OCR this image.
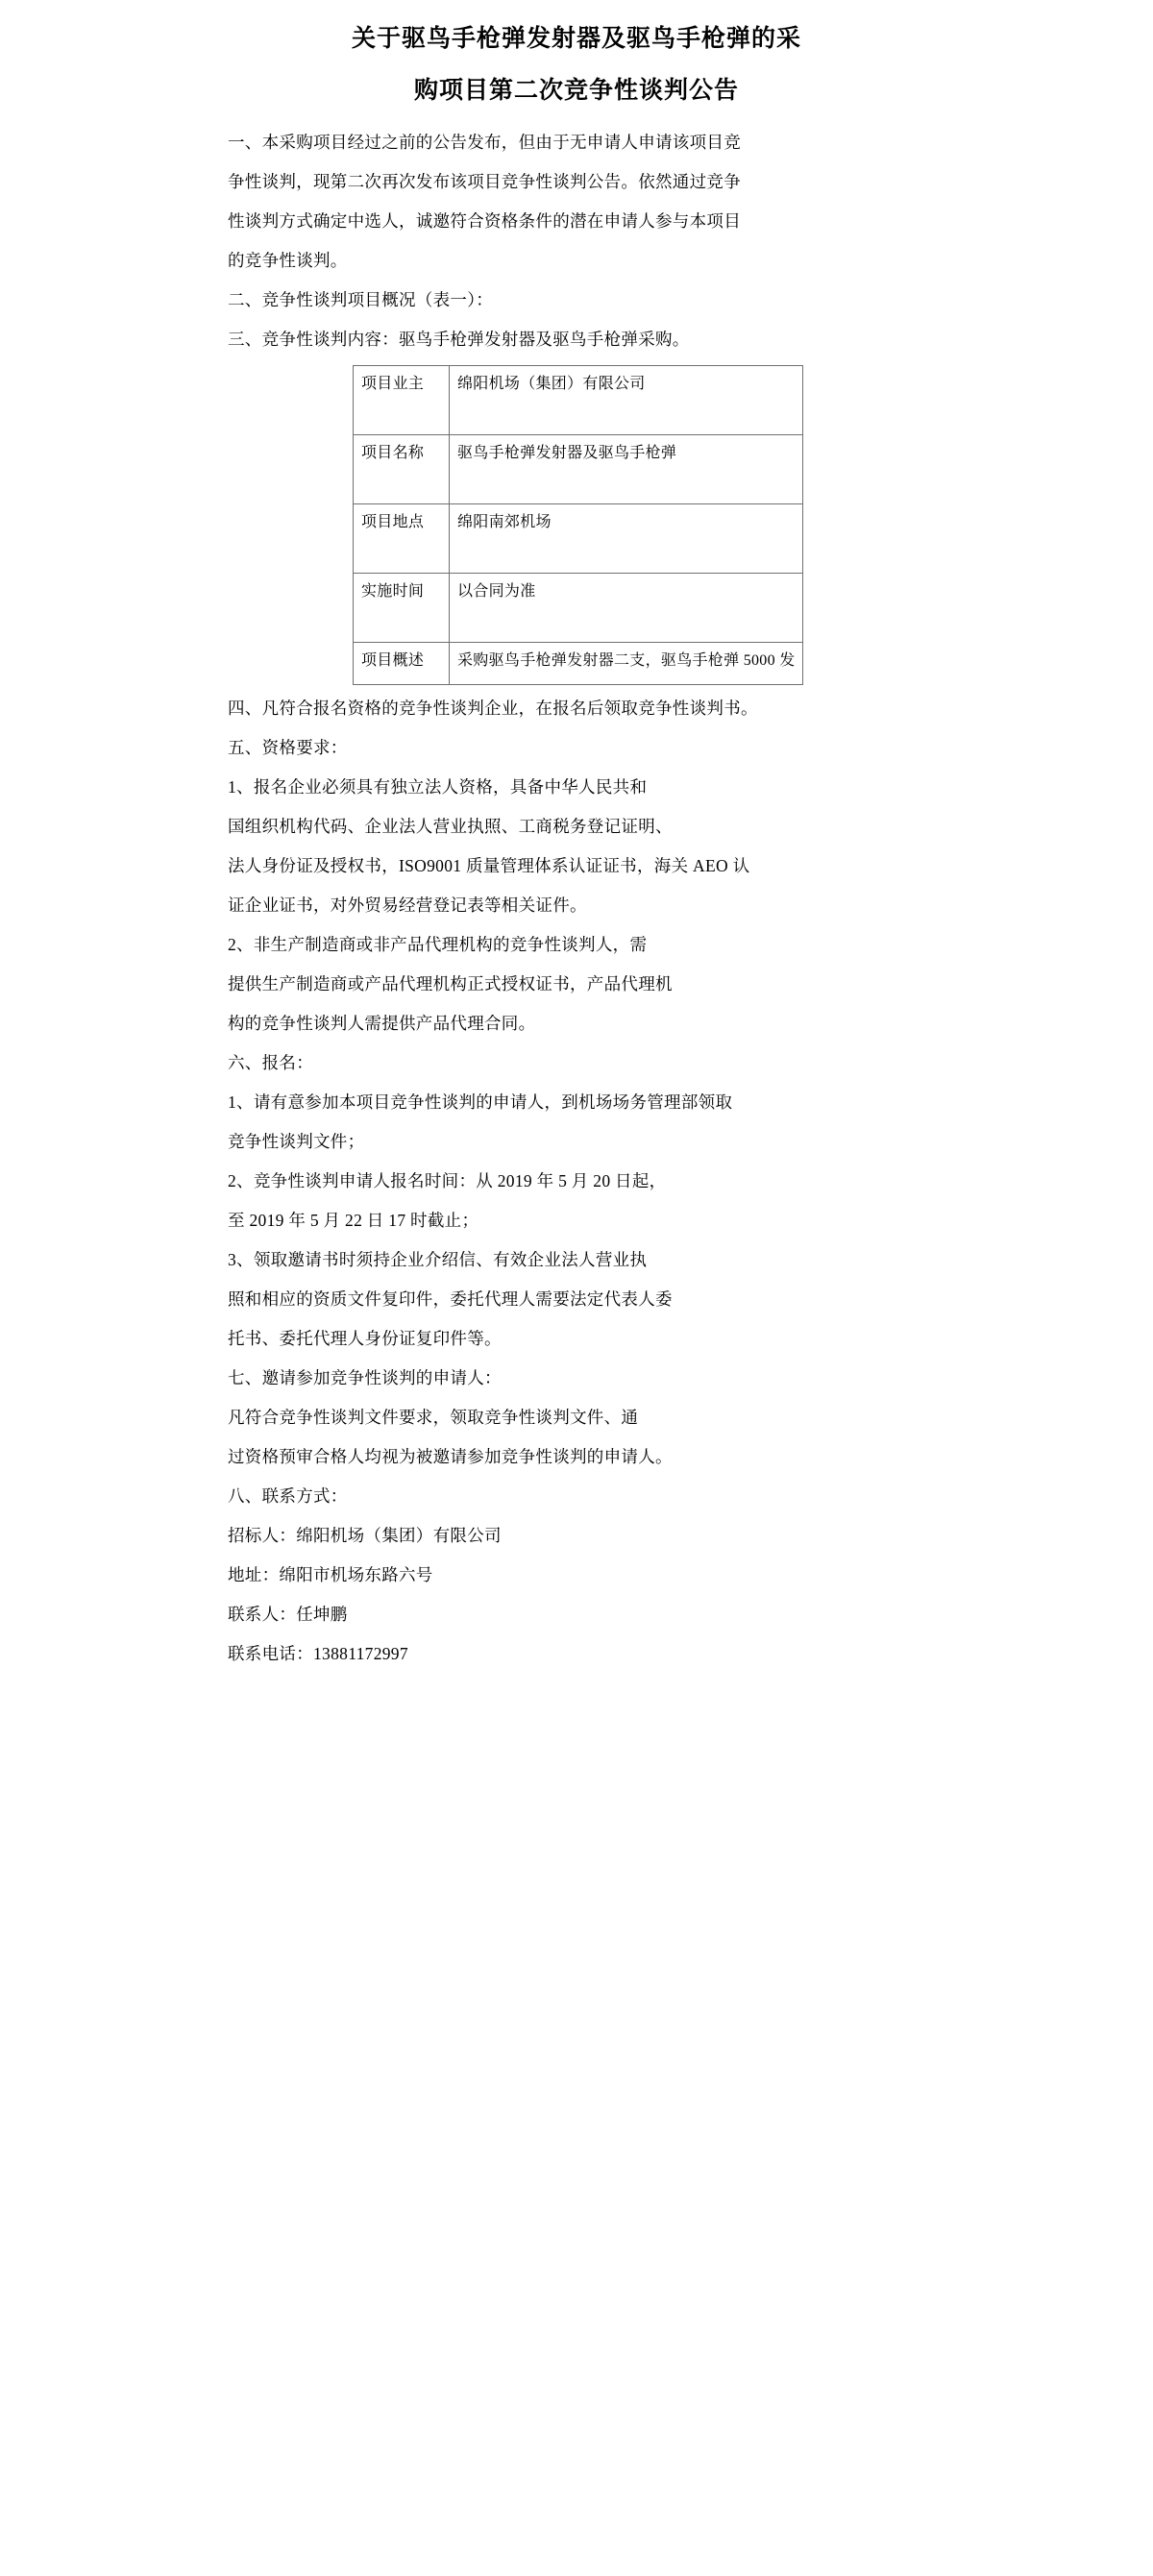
关于驱鸟手枪弹发射器及驱鸟手枪弹的采
购项目第二次竞争性谈判公告

一、本采购项目经过之前的公告发布，但由于无申请人申请该项目竞

争性谈判，现第二次再次发布该项目竞争性谈判公告。依然通过竞争

性谈判方式确定中选人，诚邀符合资格条件的潜在申请人参与本项目

的竞争性谈判。

二、竞争性谈判项目概况（表一）：

三、竞争性谈判内容：驱鸟手枪弹发射器及驱鸟手枪弹采购。

项目业主	绵阳机场（集团）有限公司
项目名称	驱鸟手枪弹发射器及驱鸟手枪弹
项目地点	绵阳南郊机场
实施时间	以合同为准
项目概述	采购驱鸟手枪弹发射器二支，驱鸟手枪弹 5000 发

四、凡符合报名资格的竞争性谈判企业，在报名后领取竞争性谈判书。

五、资格要求：

1、报名企业必须具有独立法人资格，具备中华人民共和

国组织机构代码、企业法人营业执照、工商税务登记证明、

法人身份证及授权书，ISO9001 质量管理体系认证证书，海关 AEO 认

证企业证书，对外贸易经营登记表等相关证件。

2、非生产制造商或非产品代理机构的竞争性谈判人，需

提供生产制造商或产品代理机构正式授权证书，产品代理机

构的竞争性谈判人需提供产品代理合同。

六、报名：

1、请有意参加本项目竞争性谈判的申请人，到机场场务管理部领取

竞争性谈判文件；

2、竞争性谈判申请人报名时间：从 2019 年 5 月 20 日起，

至 2019 年 5 月 22 日 17 时截止；

3、领取邀请书时须持企业介绍信、有效企业法人营业执

照和相应的资质文件复印件，委托代理人需要法定代表人委

托书、委托代理人身份证复印件等。

七、邀请参加竞争性谈判的申请人：

凡符合竞争性谈判文件要求，领取竞争性谈判文件、通

过资格预审合格人均视为被邀请参加竞争性谈判的申请人。

八、联系方式：

招标人：绵阳机场（集团）有限公司

地址：绵阳市机场东路六号

联系人：任坤鹏

联系电话：13881172997
